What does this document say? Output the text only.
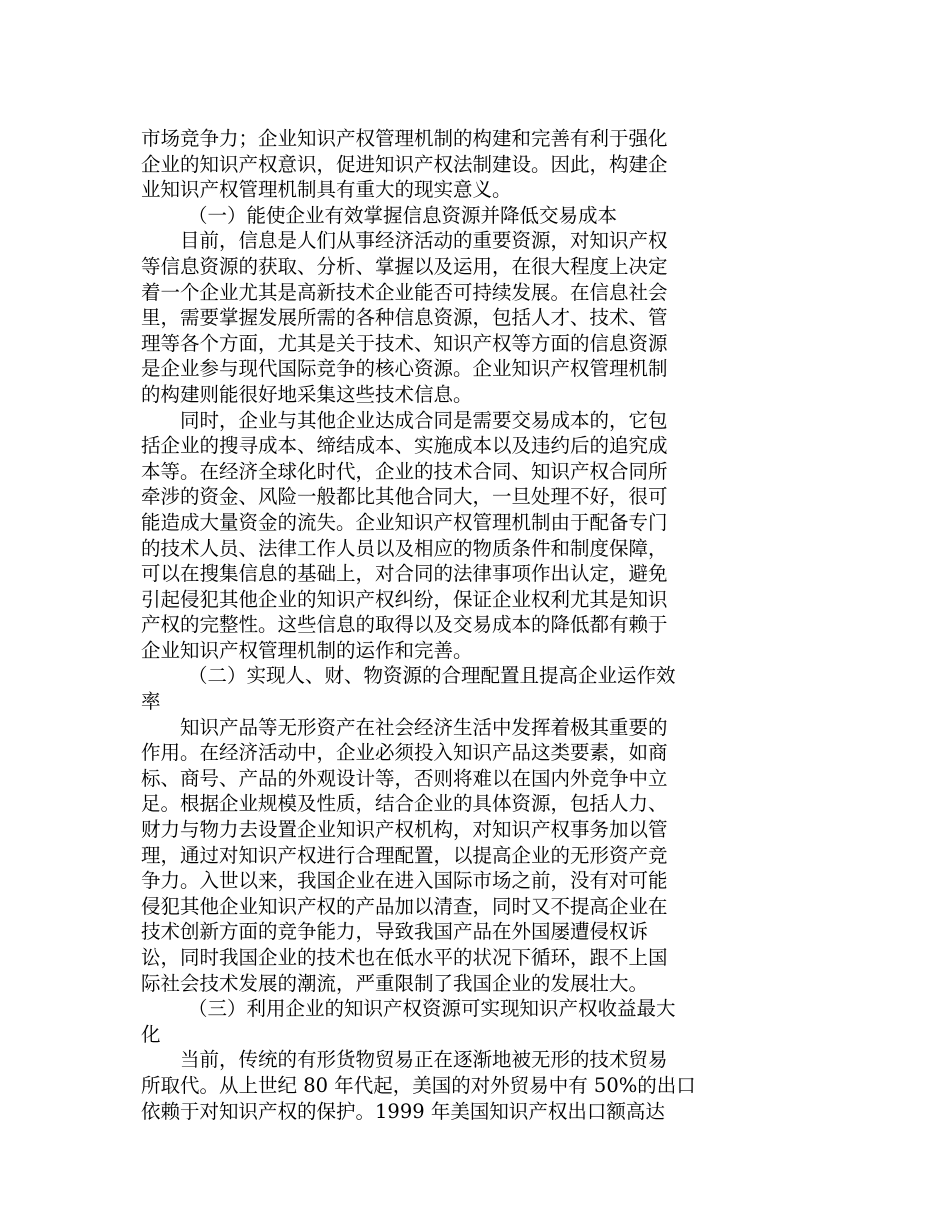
市场竞争力；企业知识产权管理机制的构建和完善有利于强化
企业的知识产权意识，促进知识产权法制建设。因此，构建企
业知识产权管理机制具有重大的现实意义。
（一）能使企业有效掌握信息资源并降低交易成本
目前，信息是人们从事经济活动的重要资源，对知识产权
等信息资源的获取、分析、掌握以及运用，在很大程度上决定
着一个企业尤其是高新技术企业能否可持续发展。在信息社会
里，需要掌握发展所需的各种信息资源，包括人才、技术、管
理等各个方面，尤其是关于技术、知识产权等方面的信息资源
是企业参与现代国际竞争的核心资源。企业知识产权管理机制
的构建则能很好地采集这些技术信息。
同时，企业与其他企业达成合同是需要交易成本的，它包
括企业的搜寻成本、缔结成本、实施成本以及违约后的追究成
本等。在经济全球化时代，企业的技术合同、知识产权合同所
牵涉的资金、风险一般都比其他合同大，一旦处理不好，很可
能造成大量资金的流失。企业知识产权管理机制由于配备专门
的技术人员、法律工作人员以及相应的物质条件和制度保障，
可以在搜集信息的基础上，对合同的法律事项作出认定，避免
引起侵犯其他企业的知识产权纠纷，保证企业权利尤其是知识
产权的完整性。这些信息的取得以及交易成本的降低都有赖于
企业知识产权管理机制的运作和完善。
（二）实现人、财、物资源的合理配置且提高企业运作效
率
知识产品等无形资产在社会经济生活中发挥着极其重要的
作用。在经济活动中，企业必须投入知识产品这类要素，如商
标、商号、产品的外观设计等，否则将难以在国内外竞争中立
足。根据企业规模及性质，结合企业的具体资源，包括人力、
财力与物力去设置企业知识产权机构，对知识产权事务加以管
理，通过对知识产权进行合理配置，以提高企业的无形资产竞
争力。入世以来，我国企业在进入国际市场之前，没有对可能
侵犯其他企业知识产权的产品加以清查，同时又不提高企业在
技术创新方面的竞争能力，导致我国产品在外国屡遭侵权诉
讼，同时我国企业的技术也在低水平的状况下循环，跟不上国
际社会技术发展的潮流，严重限制了我国企业的发展壮大。
（三）利用企业的知识产权资源可实现知识产权收益最大
化
当前，传统的有形货物贸易正在逐渐地被无形的技术贸易
所取代。从上世纪 80 年代起，美国的对外贸易中有 50%的出口
依赖于对知识产权的保护。1999 年美国知识产权出口额高达
